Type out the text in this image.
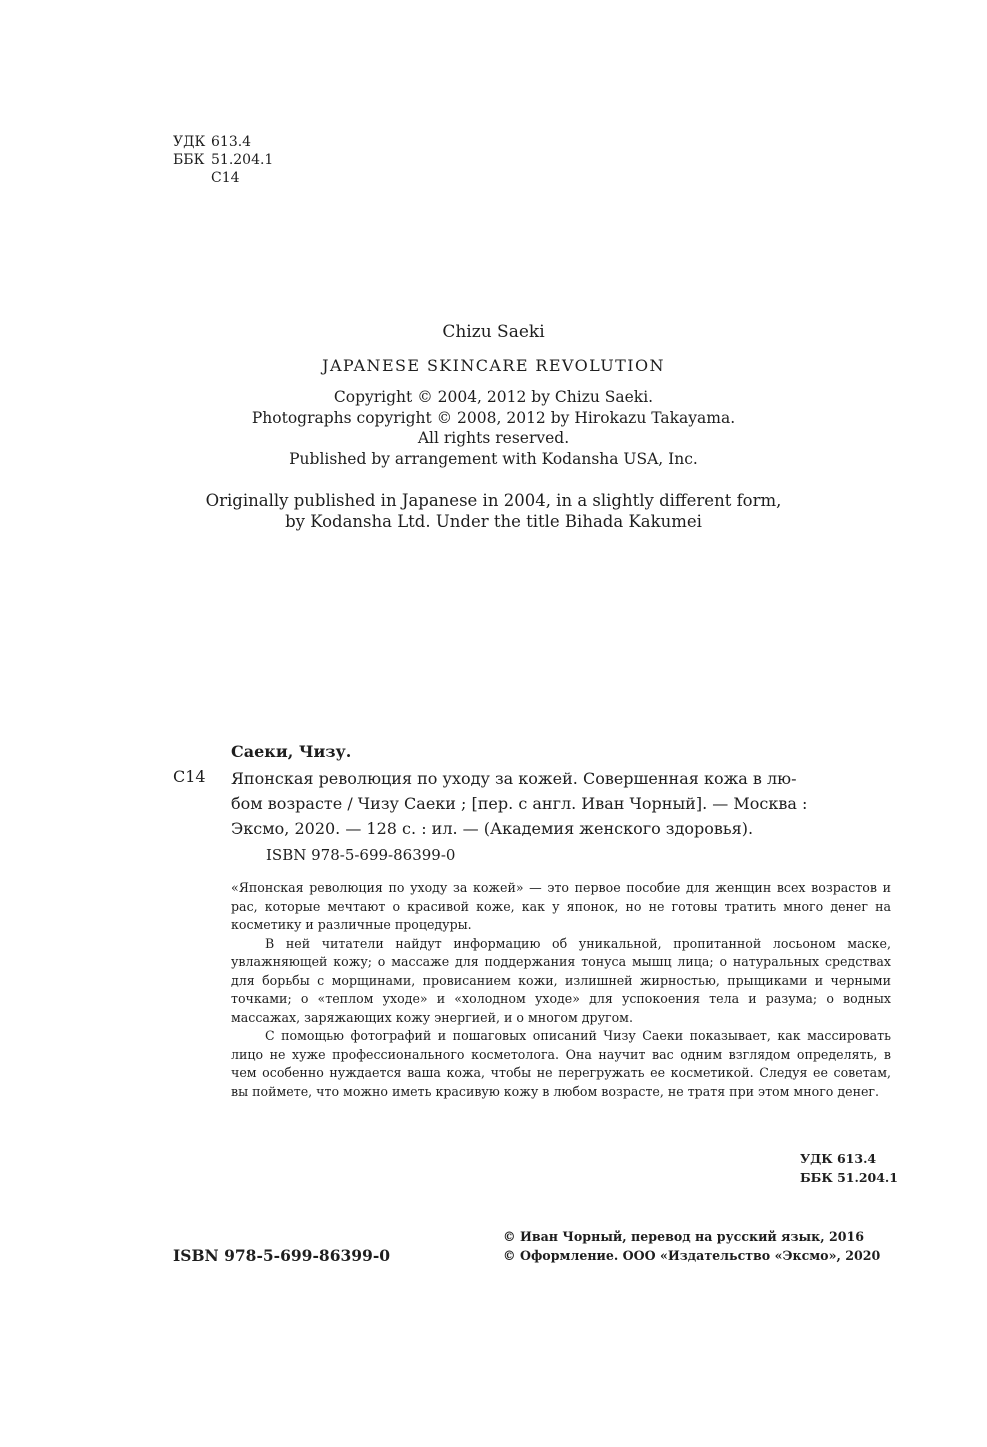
УДК 613.4
ББК 51.204.1
С14
Chizu Saeki
JAPANESE SKINCARE REVOLUTION
Copyright © 2004, 2012 by Chizu Saeki.
Photographs copyright © 2008, 2012 by Hirokazu Takayama.
All rights reserved.
Published by arrangement with Kodansha USA, Inc.
Originally published in Japanese in 2004, in a slightly different form,
by Kodansha Ltd. Under the title Bihada Kakumei
Саеки, Чизу.
С14 Японская революция по уходу за кожей. Совершенная кожа в лю-
бом возрасте / Чизу Саеки ; [пер. с англ. Иван Чорный]. — Москва :
Эксмо, 2020. — 128 с. : ил. — (Академия женского здоровья).
ISBN 978-5-699-86399-0

«Японская революция по уходу за кожей» — это первое пособие для женщин всех возрастов и рас, которые мечтают о красивой коже, как у японок, но не готовы тратить много денег на косметику и различные процедуры.

В ней читатели найдут информацию об уникальной, пропитанной лосьоном маске, увлажняющей кожу; о массаже для поддержания тонуса мышц лица; о натуральных средствах для борьбы с морщинами, провисанием кожи, излишней жирностью, прыщиками и черными точками; о «теплом уходе» и «холодном уходе» для успокоения тела и разума; о водных массажах, заряжающих кожу энергией, и о многом другом.

С помощью фотографий и пошаговых описаний Чизу Саеки показывает, как массировать лицо не хуже профессионального косметолога. Она научит вас одним взглядом определять, в чем особенно нуждается ваша кожа, чтобы не перегружать ее косметикой. Следуя ее советам, вы поймете, что можно иметь красивую кожу в любом возрасте, не тратя при этом много денег.

УДК 613.4
ББК 51.204.1
ISBN 978-5-699-86399-0
© Иван Чорный, перевод на русский язык, 2016
© Оформление. ООО «Издательство «Эксмо», 2020
